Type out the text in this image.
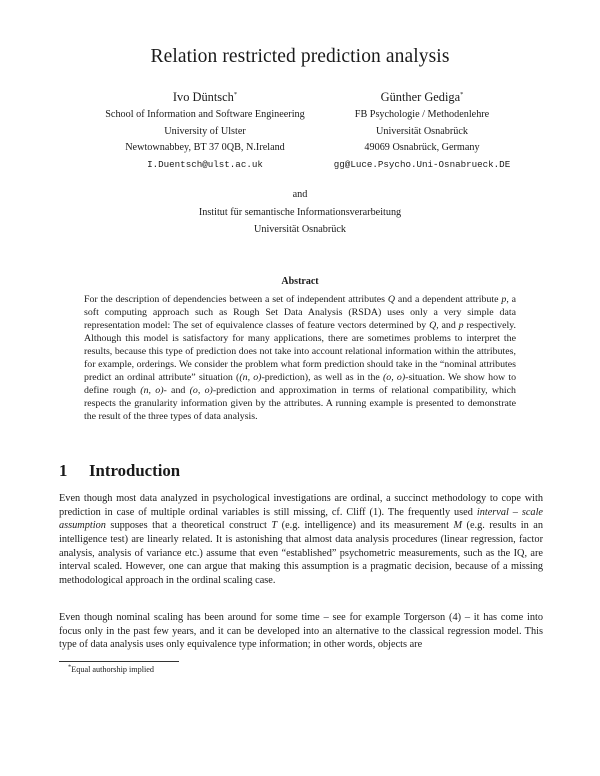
Relation restricted prediction analysis
Ivo Düntsch*
School of Information and Software Engineering
University of Ulster
Newtownabbey, BT 37 0QB, N.Ireland
I.Duentsch@ulst.ac.uk
Günther Gediga*
FB Psychologie / Methodenlehre
Universität Osnabrück
49069 Osnabrück, Germany
gg@Luce.Psycho.Uni-Osnabrueck.DE
and
Institut für semantische Informationsverarbeitung
Universität Osnabrück
Abstract

For the description of dependencies between a set of independent attributes Q and a dependent attribute p, a soft computing approach such as Rough Set Data Analysis (RSDA) uses only a very simple data representation model: The set of equivalence classes of feature vectors determined by Q, and p respectively. Although this model is satisfactory for many applications, there are sometimes problems to interpret the results, because this type of prediction does not take into account relational information within the attributes, for example, orderings. We consider the problem what form prediction should take in the “nominal attributes predict an ordinal attribute” situation ((n, o)-prediction), as well as in the (o, o)-situation. We show how to define rough (n, o)- and (o, o)-prediction and approximation in terms of relational compatibility, which respects the granularity information given by the attributes. A running example is presented to demonstrate the result of the three types of data analysis.

1 Introduction

Even though most data analyzed in psychological investigations are ordinal, a succinct methodology to cope with prediction in case of multiple ordinal variables is still missing, cf. Cliff (1). The frequently used interval – scale assumption supposes that a theoretical construct T (e.g. intelligence) and its measurement M (e.g. results in an intelligence test) are linearly related. It is astonishing that almost data analysis procedures (linear regression, factor analysis, analysis of variance etc.) assume that even “established” psychometric measurements, such as the IQ, are interval scaled. However, one can argue that making this assumption is a pragmatic decision, because of a missing methodological approach in the ordinal scaling case.

Even though nominal scaling has been around for some time – see for example Torgerson (4) – it has come into focus only in the past few years, and it can be developed into an alternative to the classical regression model. This type of data analysis uses only equivalence type information; in other words, objects are

*Equal authorship implied
